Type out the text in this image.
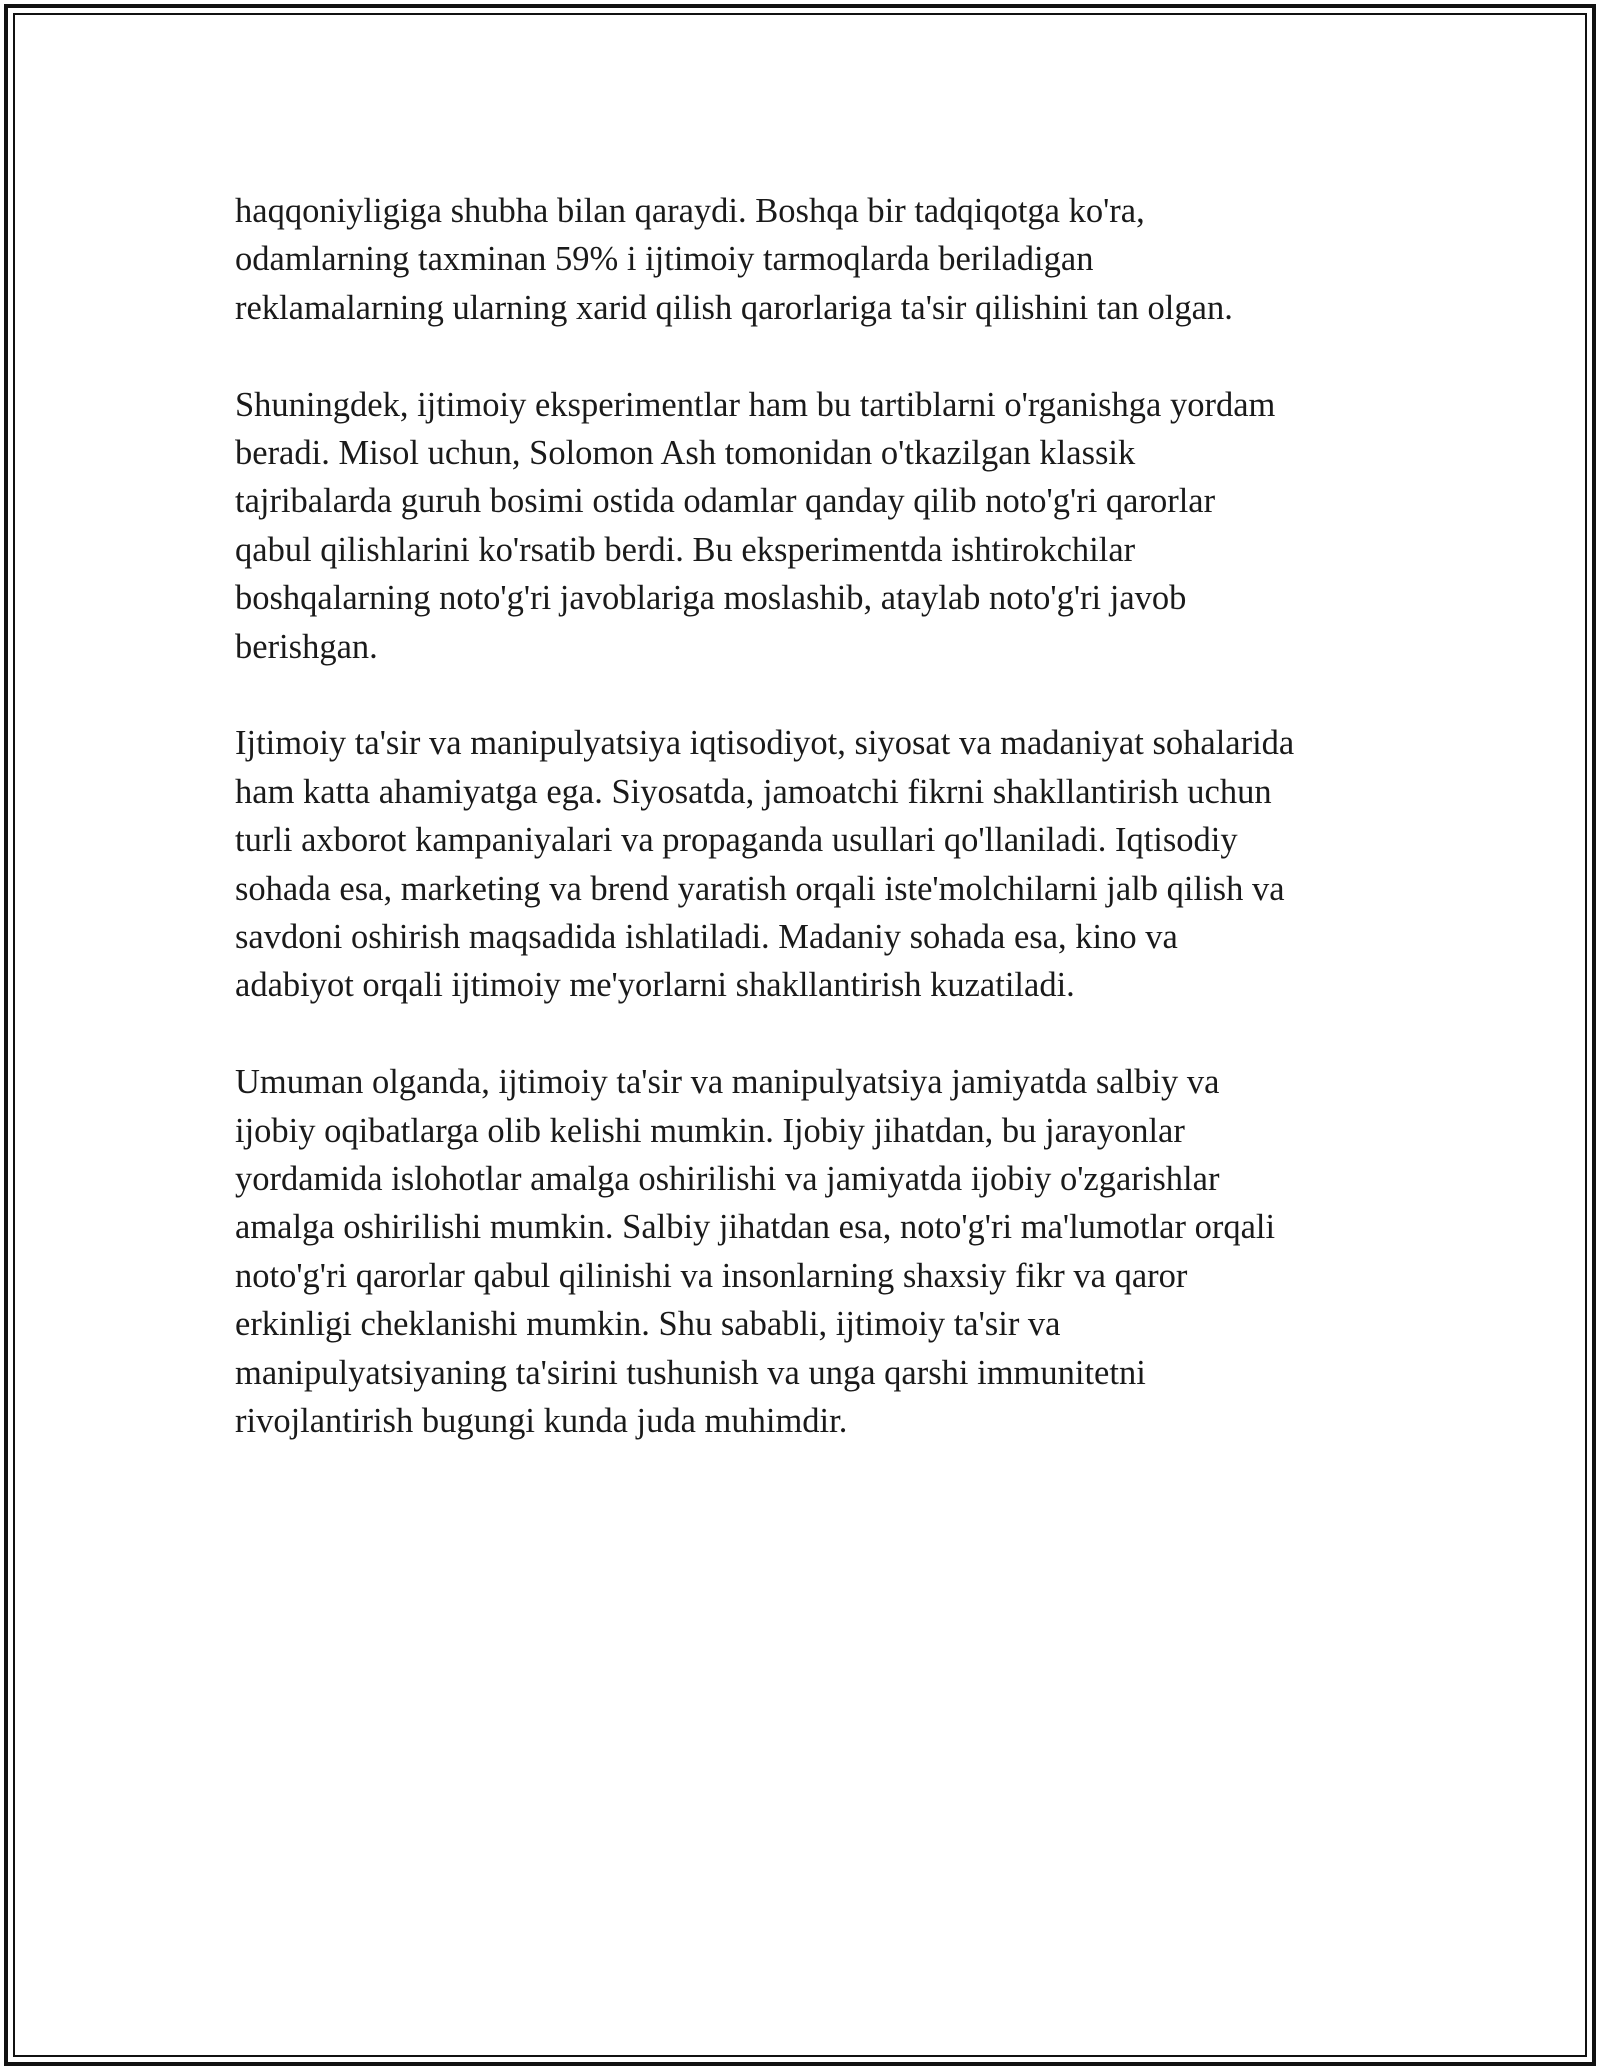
haqqoniyligiga shubha bilan qaraydi. Boshqa bir tadqiqotga ko'ra,
odamlarning taxminan 59% i ijtimoiy tarmoqlarda beriladigan
reklamalarning ularning xarid qilish qarorlariga ta'sir qilishini tan olgan.

Shuningdek, ijtimoiy eksperimentlar ham bu tartiblarni o'rganishga yordam
beradi. Misol uchun, Solomon Ash tomonidan o'tkazilgan klassik
tajribalarda guruh bosimi ostida odamlar qanday qilib noto'g'ri qarorlar
qabul qilishlarini ko'rsatib berdi. Bu eksperimentda ishtirokchilar
boshqalarning noto'g'ri javoblariga moslashib, ataylab noto'g'ri javob
berishgan.

Ijtimoiy ta'sir va manipulyatsiya iqtisodiyot, siyosat va madaniyat sohalarida
ham katta ahamiyatga ega. Siyosatda, jamoatchi fikrni shakllantirish uchun
turli axborot kampaniyalari va propaganda usullari qo'llaniladi. Iqtisodiy
sohada esa, marketing va brend yaratish orqali iste'molchilarni jalb qilish va
savdoni oshirish maqsadida ishlatiladi. Madaniy sohada esa, kino va
adabiyot orqali ijtimoiy me'yorlarni shakllantirish kuzatiladi.

Umuman olganda, ijtimoiy ta'sir va manipulyatsiya jamiyatda salbiy va
ijobiy oqibatlarga olib kelishi mumkin. Ijobiy jihatdan, bu jarayonlar
yordamida islohotlar amalga oshirilishi va jamiyatda ijobiy o'zgarishlar
amalga oshirilishi mumkin. Salbiy jihatdan esa, noto'g'ri ma'lumotlar orqali
noto'g'ri qarorlar qabul qilinishi va insonlarning shaxsiy fikr va qaror
erkinligi cheklanishi mumkin. Shu sababli, ijtimoiy ta'sir va
manipulyatsiyaning ta'sirini tushunish va unga qarshi immunitetni
rivojlantirish bugungi kunda juda muhimdir.
